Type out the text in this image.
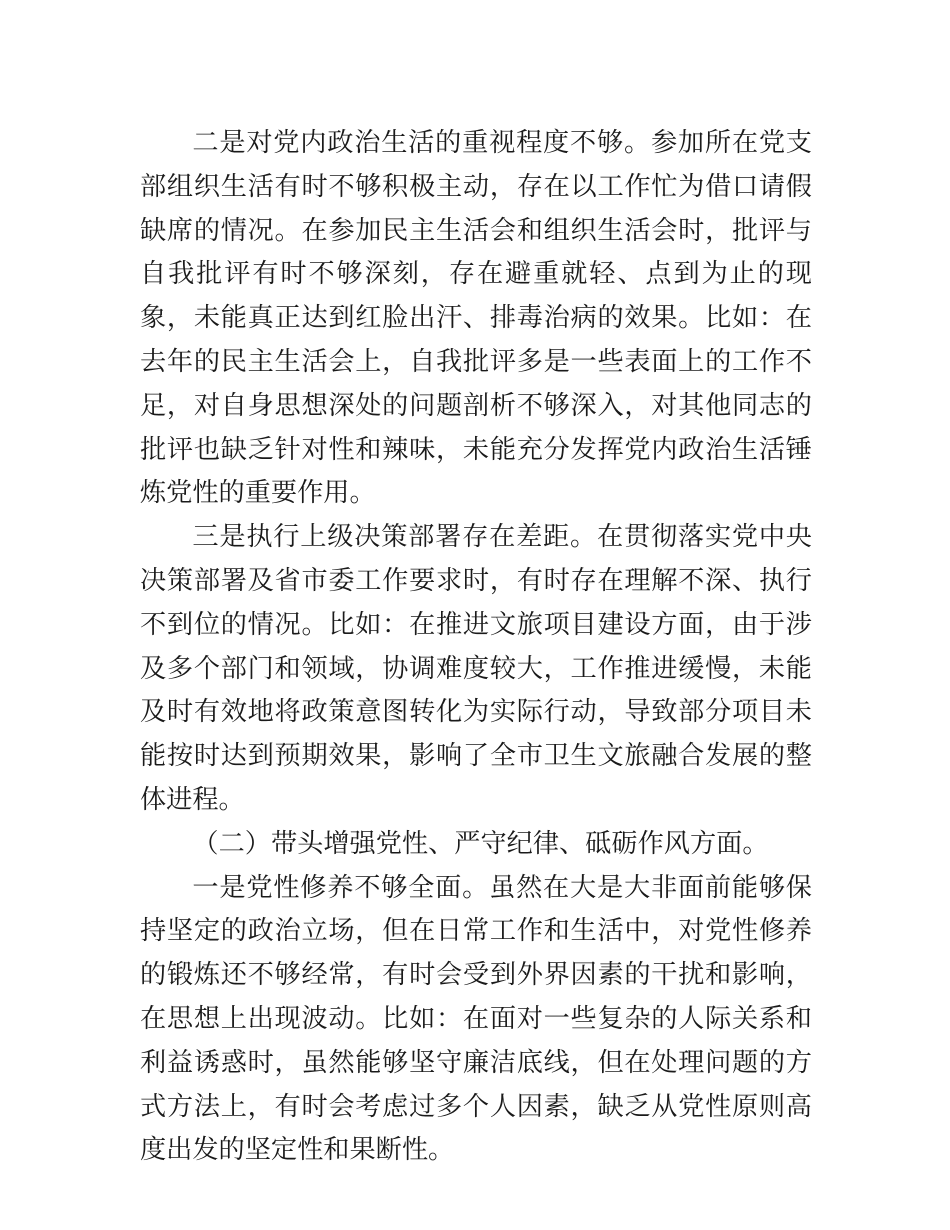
二是对党内政治生活的重视程度不够。参加所在党支部组织生活有时不够积极主动，存在以工作忙为借口请假缺席的情况。在参加民主生活会和组织生活会时，批评与自我批评有时不够深刻，存在避重就轻、点到为止的现象，未能真正达到红脸出汗、排毒治病的效果。比如：在去年的民主生活会上，自我批评多是一些表面上的工作不足，对自身思想深处的问题剖析不够深入，对其他同志的批评也缺乏针对性和辣味，未能充分发挥党内政治生活锤炼党性的重要作用。

三是执行上级决策部署存在差距。在贯彻落实党中央决策部署及省市委工作要求时，有时存在理解不深、执行不到位的情况。比如：在推进文旅项目建设方面，由于涉及多个部门和领域，协调难度较大，工作推进缓慢，未能及时有效地将政策意图转化为实际行动，导致部分项目未能按时达到预期效果，影响了全市卫生文旅融合发展的整体进程。

（二）带头增强党性、严守纪律、砥砺作风方面。

一是党性修养不够全面。虽然在大是大非面前能够保持坚定的政治立场，但在日常工作和生活中，对党性修养的锻炼还不够经常，有时会受到外界因素的干扰和影响，在思想上出现波动。比如：在面对一些复杂的人际关系和利益诱惑时，虽然能够坚守廉洁底线，但在处理问题的方式方法上，有时会考虑过多个人因素，缺乏从党性原则高度出发的坚定性和果断性。
